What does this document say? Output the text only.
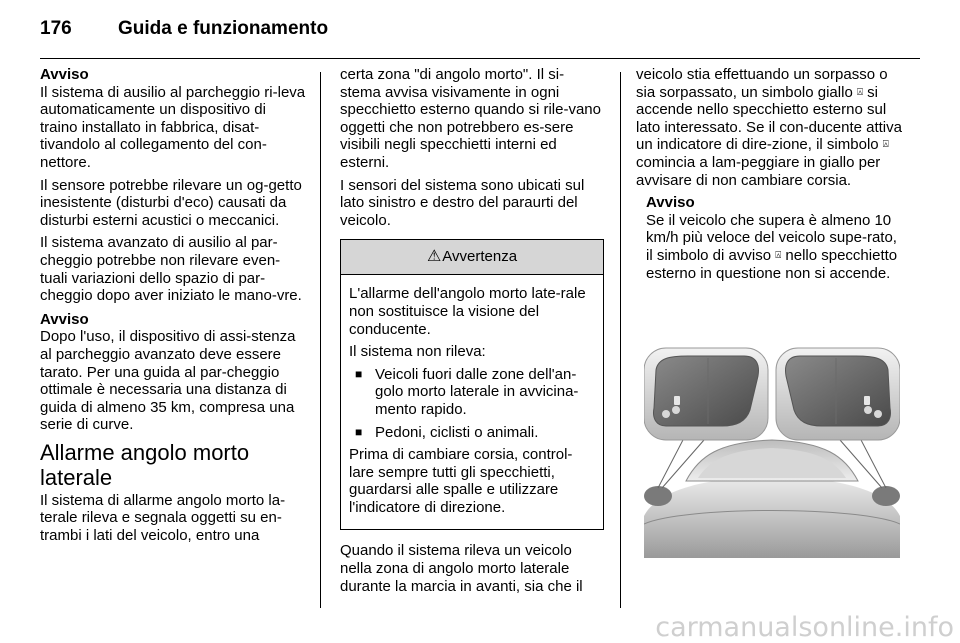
176 Guida e funzionamento
Avviso

Il sistema di ausilio al parcheggio ri-leva automaticamente un dispositivo di traino installato in fabbrica, disat-tivandolo al collegamento del con-nettore.

Il sensore potrebbe rilevare un og-getto inesistente (disturbi d'eco) causati da disturbi esterni acustici o meccanici.

Il sistema avanzato di ausilio al par-cheggio potrebbe non rilevare even-tuali variazioni dello spazio di par-cheggio dopo aver iniziato le mano-vre.

Avviso

Dopo l'uso, il dispositivo di assi-stenza al parcheggio avanzato deve essere tarato. Per una guida al par-cheggio ottimale è necessaria una distanza di guida di almeno 35 km, compresa una serie di curve.

Allarme angolo morto laterale

Il sistema di allarme angolo morto la-terale rileva e segnala oggetti su en-trambi i lati del veicolo, entro una

certa zona "di angolo morto". Il si-stema avvisa visivamente in ogni specchietto esterno quando si rile-vano oggetti che non potrebbero es-sere visibili negli specchietti interni ed esterni.

I sensori del sistema sono ubicati sul lato sinistro e destro del paraurti del veicolo.

⚠Avvertenza

L'allarme dell'angolo morto late-rale non sostituisce la visione del conducente.

Il sistema non rileva:

■ Veicoli fuori dalle zone dell'an-golo morto laterale in avvicina-mento rapido.
■ Pedoni, ciclisti o animali.

Prima di cambiare corsia, control-lare sempre tutti gli specchietti, guardarsi alle spalle e utilizzare l'indicatore di direzione.

Quando il sistema rileva un veicolo nella zona di angolo morto laterale durante la marcia in avanti, sia che il

veicolo stia effettuando un sorpasso o sia sorpassato, un simbolo giallo ⍓ si accende nello specchietto esterno sul lato interessato. Se il con-ducente attiva un indicatore di dire-zione, il simbolo ⍓ comincia a lam-peggiare in giallo per avvisare di non cambiare corsia.

Avviso

Se il veicolo che supera è almeno 10 km/h più veloce del veicolo supe-rato, il simbolo di avviso ⍓ nello specchietto esterno in questione non si accende.

carmanualsonline.info
